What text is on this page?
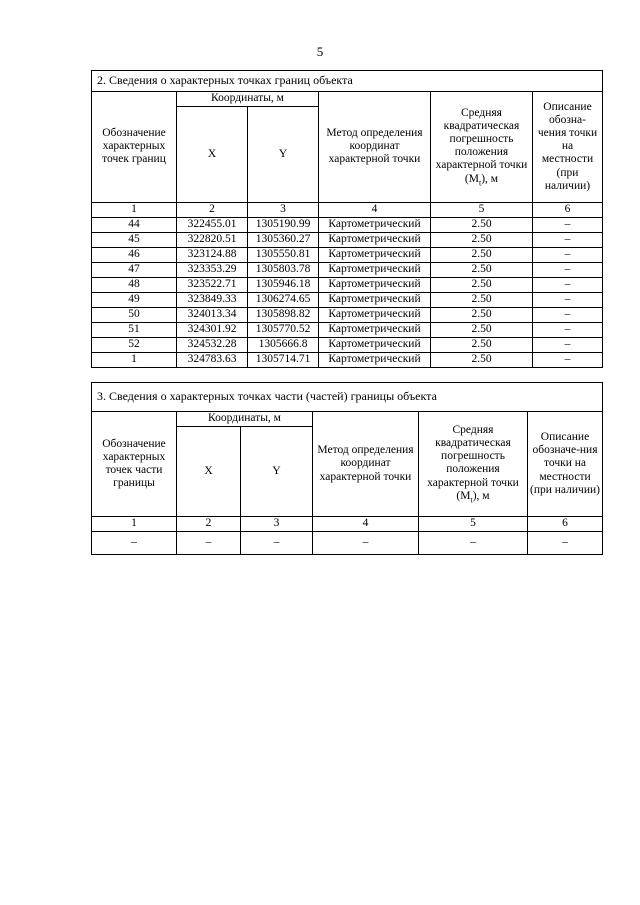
5
2. Сведения о характерных точках границ объекта					
Обозначение характерных точек границ	Координаты, м		Метод определения координат характерной точки	Средняя квадратическая погрешность положения характерной точки $(M_t)$, м	Описание обозна-чения точки на местности (при наличии)
	X	Y			
1	2	3	4	5	6
44	322455.01	1305190.99	Картометрический	2.50	–
45	322820.51	1305360.27	Картометрический	2.50	–
46	323124.88	1305550.81	Картометрический	2.50	–
47	323353.29	1305803.78	Картометрический	2.50	–
48	323522.71	1305946.18	Картометрический	2.50	–
49	323849.33	1306274.65	Картометрический	2.50	–
50	324013.34	1305898.82	Картометрический	2.50	–
51	324301.92	1305770.52	Картометрический	2.50	–
52	324532.28	1305666.8	Картометрический	2.50	–
1	324783.63	1305714.71	Картометрический	2.50	–
3. Сведения о характерных точках части (частей) границы объекта					
Обозначение характерных точек части границы	Координаты, м		Метод определения координат характерной точки	Средняя квадратическая погрешность положения характерной точки $(M_t)$, м	Описание обозначе-ния точки на местности (при наличии)
	X	Y			
1	2	3	4	5	6
–	–	–	–	–	–
